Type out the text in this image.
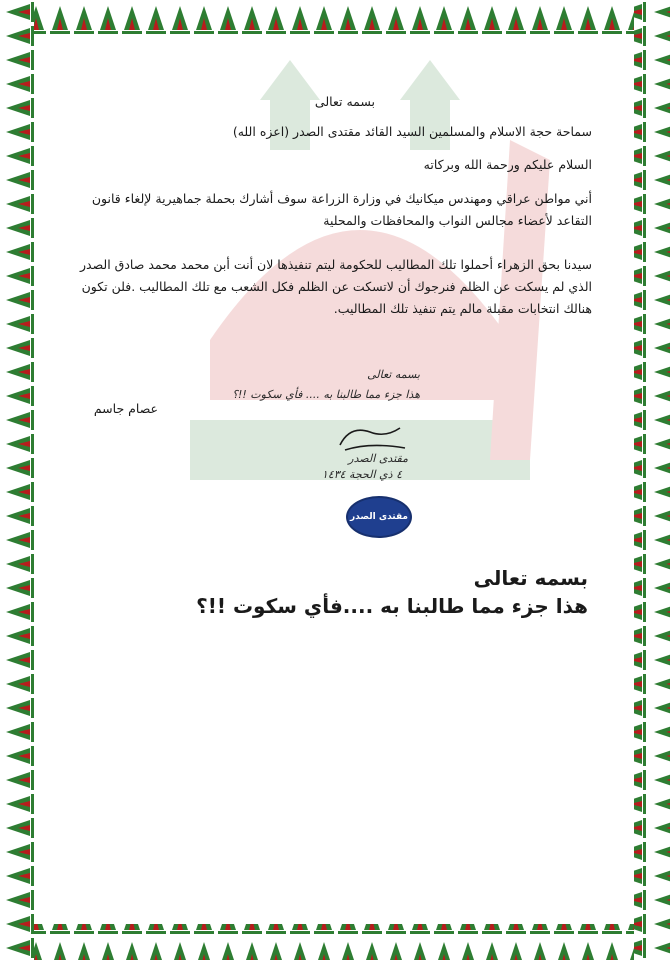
بسمه تعالى
سماحة حجة الاسلام والمسلمين السيد القائد مقتدى الصدر (اعزه الله)
السلام عليكم ورحمة الله وبركاته
أني مواطن عراقي ومهندس ميكانيك في وزارة الزراعة سوف أشارك بحملة جماهيرية لإلغاء قانون التقاعد لأعضاء مجالس النواب والمحافظات والمحلية
سيدنا بحق الزهراء أحملوا تلك المطاليب للحكومة ليتم تنفيذها لان أنت أبن محمد محمد صادق الصدر الذي لم يسكت عن الظلم فنرجوك أن لاتسكت عن الظلم فكل الشعب مع تلك المطاليب .فلن تكون هنالك انتخابات مقبلة مالم يتم تنفيذ تلك المطاليب.
عصام جاسم
بسمه تعالى
هذا جزء مما طالبنا به .... فأي سكوت !!؟
مقتدى الصدر
٤ ذي الحجة ١٤٣٤
مقتدى الصدر
بسمه تعالى
هذا جزء مما طالبنا به ....فأي سكوت !!؟
